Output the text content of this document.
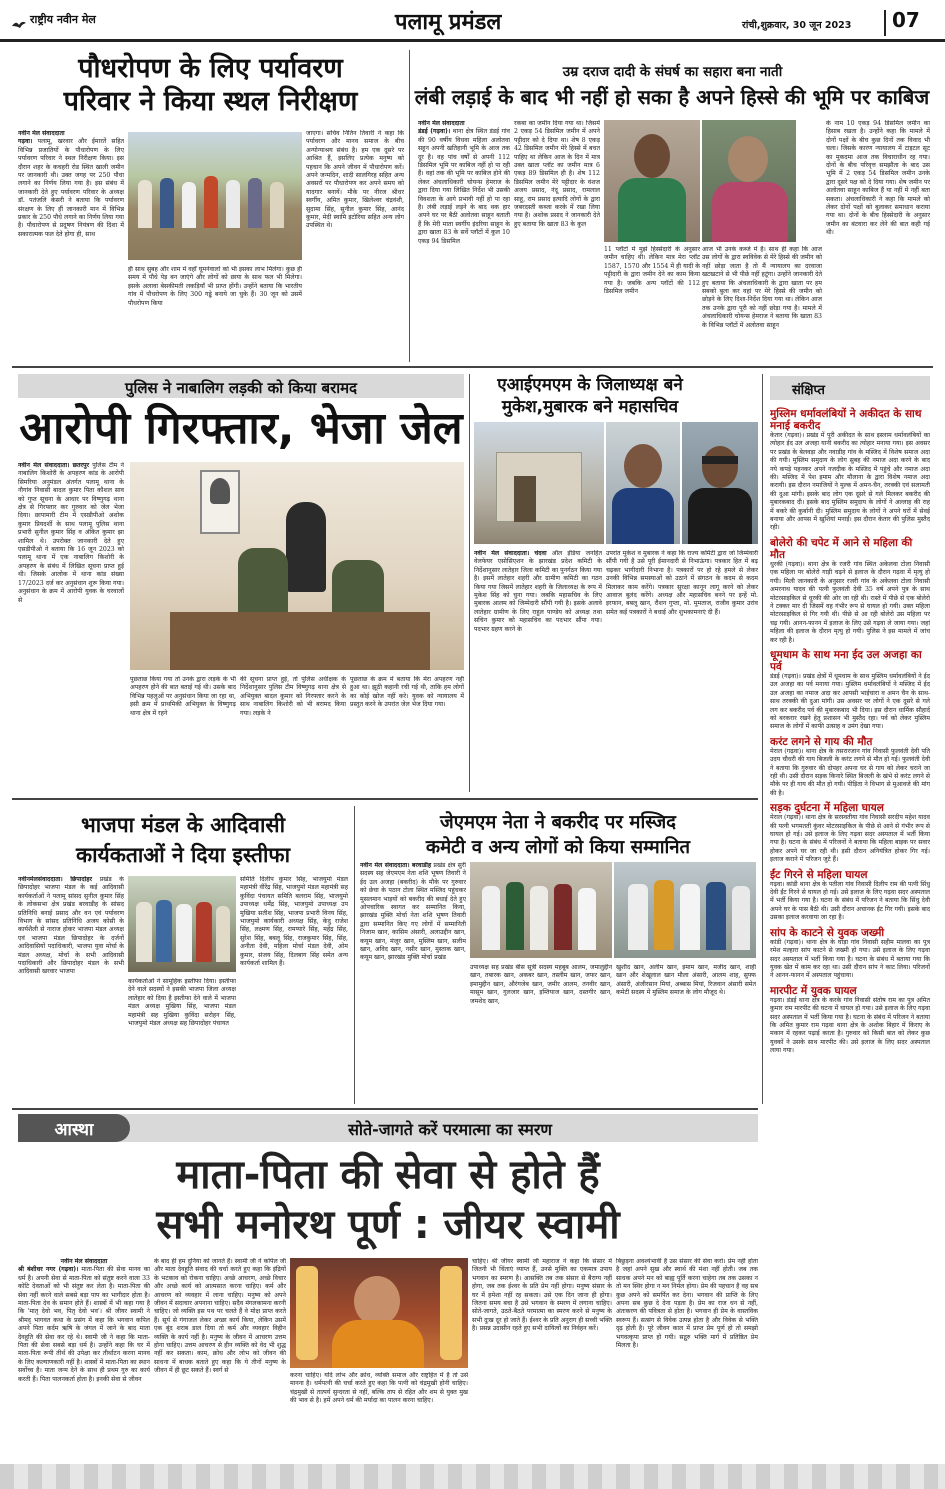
राष्ट्रीय नवीन मेल	पलामू प्रमंडल	रांची,शुक्रवार, 30 जून 2023 07
पौधरोपण के लिए पर्यावरण
परिवार ने किया स्थल निरीक्षण
नवीन मेल संवाददाता
गढ़वा। पलामू, खरवार और ईमारतें सहित विभिन्न प्रजातियों के पौधारोपण के लिए पर्यावरण परिवार ने स्थल निरीक्षण किया। इस दौरान शहर के कचहरी रोड स्थित खाली जमीन पर जानकारी थी। उक्त जगह पर 250 पौधा लगाने का निर्णय लिया गया है। इस संबंध में जानकारी देते हुए पर्यावरण परिवार के अध्यक्ष डॉ. पतंजलि केसरी ने बताया कि पर्यावरण संरक्षण के लिए हीं जानकारी मान में विभिन्न प्रकार के 250 पौधे लगाने का निर्णय लिया गया है। पौधारोपण से प्रदूषण नियंत्रण की दिशा में सकारात्मक फल देते होगा ही, साथ
ही साथ सुबह और शाम में वहाँ घूमनेवालों को भी इसका लाभ मिलेगा। कुछ ही समय में पौधे पेड़ बन जाएंगे और लोगों को छाया के साथ फल भी मिलेगा। इसके अलावा बेसकीमती लकड़ियाँ भी प्राप्त होंगी। उन्होंने बताया कि भारतीय गांव में पौधरोपण के लिए 300 गड्ढे बनाये जा चुके हैं। 30 जून को उसमें पौधरोपण किया
जाएगा। सचिव नितिन तिवारी ने कहा कि पर्यावरण और मानव समाज के बीच अन्योन्याश्रय संबंध है। हम एक दूसरे पर आश्रित हैं, इसलिए प्रत्येक मनुष्य को पहचान कि अपने जीवन में पौधारोपण करें। अपने जन्मदिन, शादी सालगिरह सहित अन्य अवसरों पर पौधारोपण कर अपने समय को यादगार बनायें। मौके पर नीरज श्रीधर स्वर्गीय, अमित कुमार, खिलेश्वर चंद्रवंशी, सुदामा सिंह, सुनील कुमार सिंह, आनंद कुमार, मेदी स्वामि इटोरिया सहित अन्य लोग उपस्थित थे।
उम्र दराज दादी के संघर्ष का सहारा बना नाती
लंबी लड़ाई के बाद भी नहीं हो सका है अपने हिस्से की भूमि पर काबिज
नवीन मेल संवाददाता
डंडई (गढ़वा)। थाना क्षेत्र स्थित डंडई गांव की 90 वर्षीय विधवा महिला अलोतवा सहून अपनी खतिहानी भूमि के आज तक दूर है। वह पांच वर्षों से अपनी 112 डिसमिल भूमि पर काबिज नहीं हो पा रही हैं। वहां तक की भूमि पर काबिज होने की लेकर अंचलाधिकारी चोयन्स हेमराज के द्वारा दिया गया लिखित निर्देश भी उसकी विवशता के आगे प्रभावी नहीं हो पा रहा है। लंबी लड़ाई लड़ने के बाद थक हार अपने घर पर बैठी अलोतवा साहून बताती हैं कि मेरी माता स्वर्गीय इंदरिया साहून के द्वारा खाता 83 के सर्वे प्लॉटों में कुल 10 एकड़ 94 डिसमिल
रकबा का जमीन दिया गया था। जिसमें 2 एकड़ 54 डिसमिल जमीन में अपने पट्टीदार को दे दिया था। शेष 8 एकड़ 42 डिसमिल जमीन मेरे हिस्से में बचत पाहिए था लेकिन आज के दिन में मात्र उक्त खाता प्लॉट का जमीन मात्र 6 एकड़ 89 डिसमिल ही है। शेष 112 डिसमिल जमीन मेरे पट्टीदार के वंशज अजय प्रसाद, नंदू प्रसाद, रामलाल साहू, राम प्रसाद इत्यादि लोगों के द्वारा जबरदस्ती कब्जा करके में रखा लिया गया है। अशोक प्रसाद ने जानकारी देते हुए बताया कि खाता 83 के कुल
11 प्लॉटों में मुझे हिस्सेदारी के अनुसार जमीन चाहिए थी। लेकिन मात्र मेरा प्लॉट 1587, 1570 और 1554 में ही यादी के पट्टीदारी के द्वारा जमीन देने का काम किया गया है। जबकि अन्य प्लॉटों की 112 डिसमिल जमीन
आज भी उनके कब्जे में है। साथ ही कहा कि आज उस लोगों के द्वारा स्वविवेक से मेरे हिस्से की जमीन को नहीं छोड़ा जाता है तो मैं न्यायालय का दरवाजा खटखटाने से भी पीछे नहीं हटूंगा। उन्होंने जानकारी देते हुए बताया कि अंचलाधिकारी के द्वारा खाता पर हम सबको बुला कर वहां पर मेरे हिस्से की जमीन को छोड़ने के लिए दिशा-निर्देश दिया गया था। लेकिन आज तक उनके द्वारा पूरी को नहीं छोड़ा गया है। मामले में अंचलाधिकारी चोयन्स हेमराज ने बताया कि खाता 83 के विभिन्न प्लॉटों में अलोतवा साहून
के नाम 10 एकड़ 94 डिसमिल जमीन का हिसाब रखता है। उन्होंने कहा कि मामले में दोनों पक्षों के बीच कुछ दिनों तक विवाद भी चला। जिसके कारण न्यायालय में टाइटल सूट का मुकदमा आज तक विचाराधीन रह गया। दोनों के बीच परिवृत्त समझौता के बाद उस भूमि में 2 एकड़ 54 डिसमिल जमीन उनके द्वारा दूसरे पक्ष को दे दिया गया। शेष जमीन पर अलोतवा साहून काबिज हैं या नहीं में नहीं बता सकता। अंचलाधिकारी ने कहा कि मामले को लेकर दोनों पक्षों को बुलाकर समाधान कराया गया था। दोनों के बीच हिस्सेदारी के अनुसार जमीन का बंटवारा कर लेने की बात कही गई थी।
पुलिस ने नाबालिग लड़की को किया बरामद
आरोपी गिरफ्तार, भेजा जेल
नवीन मेल संवाददाता। छतरपुर पुलिस टीम ने नाबालिग किशोरी के अपहरण कांड के आरोपी सिमरिया अनुमंडल अंतर्गत पलामू थाना के नौगांव निवासी बादल कुमार पिता कौशल साव को गुप्त सूचना के आधार पर विष्णुगढ़ थाना क्षेत्र से गिरफ्तार कर गुरुवार को जेल भेजा दिया। छापामारी टीम में एसडीपीओ अशोक कुमार प्रियदर्शी के साथ पलामू पुलिस थाना प्रभारी सुनील कुमार सिंह व अंकित कुमार झा शामिल थे। उपरोक्त जानकारी देते हुए एसडीपीओ ने बताया कि 16 जून 2023 को पलामू थाना में एक नाबालिग किशोरी के अपहरण के संबंध में लिखित सूचना प्राप्त हुई थी। जिसके आलोक में थाना कांड संख्या 17/2023 दर्ज कर अनुसंधान शुरू किया गया। अनुसंधान के क्रम में आरोपी युवक के घरवालों से
पूछताछ किया गया तो उनके द्वारा लड़के के भी अपहरण होने की बात बताई गई थी। उसके बाद विभिन्न पहलुओं पर अनुसंधान किया जा रहा था, इसी क्रम में प्राथमिकी अभियुक्त के विष्णुगढ़ थाना क्षेत्र में रहने
की सूचना प्राप्त हुई, तो पुलिस अधीक्षक के निर्देशानुसार पुलिस टीम विष्णुगढ़ थाना क्षेत्र से अभियुक्त बादल कुमार को गिरफ्तार करने के साथ नाबालिग किशोरी को भी बरामद किया गया। लड़के ने
पूछताछ के क्रम में बताया कि मेरा अपहरण नहीं हुआ था। झूठी कहानी रची गई थी, ताकि हम लोगों का कोई खोज नहीं करे। युवक को न्यायालय में प्रस्तुत करने के उपरांत जेल भेज दिया गया।
एआईएमएम के जिलाध्यक्ष बने
मुकेश,मुबारक बने महासचिव
नवीन मेल संवाददाता। चंदवा ऑल इंडिया जनहित वेलफेयर एसोसिएशन के झारखंड प्रदेश कमिटी के निर्देशानुसार लातेहार जिला कमिटी का पुनर्गठन किया गया है। इसमें लातेहार शहरी और ग्रामीण कमिटी का गठन किया गया जिसमें लातेहार शहरी के जिलाध्यक्ष के रूप में मुकेश सिंह को चुना गया। जबकि महासचिव के लिए मुबारक आलम को जिम्मेदारी सौंपी गयी है। इसके अलावे लातेहार ग्रामीण के लिए राहुल पाण्डेय को अध्यक्ष तथा सचिन कुमार को महासचिव का पदभार सौंपा गया। पदभार ग्रहण करने के
उपरांत मुकेश व मुबारक ने कहा कि राज्य कमिटी द्वारा जो जिम्मेवारी सौंपी गयी है उसे पूरी ईमानदारी से निभाऊंगा। पत्रकार हित में बढ़ चढ़कर भागीदारी निभाना है। पत्रकारों पर हो रहे हमले से लेकर उनकी विभिन्न समस्याओं को उठाने में संगठन के कदम से कदम मिलाकर काम करेंगे। पत्रकार सुरक्षा कानून लागू करने को लेकर आवाज बुलंद करेंगे। अध्यक्ष और महासचिव बनने पर इन्हें मो. इरफान, बबलू खान, रौशन गुप्ता, मो. मुमताज, राजीव कुमार उरांव समेत कई पत्रकारों ने बधाई और शुभकामनाएं दी हैं।
संक्षिप्त
मुस्लिम धर्मावलंबियों ने अकीदत के साथ मनाई बकरीद
केतार (गढ़वा)। प्रखंड में पूरी अकीदत के साथ इस्लाम धर्मावलंबियों का त्योहार ईद उल अजहा यानी बकरीद का त्योहार मनाया गया। इस अवसर पर प्रखंड के बेलवड़ा और नवाडीह गांव के मस्जिद में विशेष समाज अदा की गयी। मुस्लिम समुदाय के लोग सुबह की नमाज अदा करने के बाद नये कपड़े पहनकर अपने नजदीक के मस्जिद में पहुंचे और नमाज अदा की। मस्जिद में पेश इमाम और मौलाना के द्वारा विशेष नमाज अदा करायी। इस दौरान नमाजियों ने मुल्क में अमन-चैन, तरक्की एवं सलामती की दुआ मांगी। इसके बाद लोग एक दूसरे से गले मिलकर बकरीद की मुबारकबाद दी। इसके बाद मुस्लिम समुदाय के लोगों ने अल्लाह की राह में बकरे की कुर्बानी दी। मुस्लिम समुदाय के लोगों ने अपने घरों में सेवई बनाया और आपस में खुशियां मनाईं। इस दौरान केतार की पुलिस मुस्तैद रही।
बोलेरो की चपेट में आने से महिला की मौत
धुरकी (गढ़वा)। थाना क्षेत्र के रजरी गांव स्थित अकेलवा टोला निवासी एक महिला पर बोलेरो गाड़ी चढ़ने से इलाज के दौरान गढ़वा में मृत्यु हो गयी। मिली जानकारी के अनुसार रजरी गांव के अकेलवा टोला निवासी अमरनाथ यादव की पत्नी फुलवंती देवी 35 वर्ष अपने पुत्र के साथ मोटरसाइकिल से धुरकी की ओर जा रही थी। रास्ते में पीछे से एक बोलेरो ने टक्कर मार दी जिसमें वह गंभीर रूप से घायल हो गयी। उक्त महिला मोटरसाइकिल से गिर गयी थी। पीछे से आ रही बोलेरो उस महिला पर चढ़ गयी। आनन-फानन में इलाज के लिए उसे गढ़वा ले जाया गया। जहां महिला की इलाज के दौरान मृत्यु हो गयी। पुलिस ने इस मामले में जांच कर रही है।
धूमधाम के साथ मना ईद उल अजहा का पर्व
डंडई (गढ़वा)। प्रखंड क्षेत्रों में धूमधाम के साथ मुस्लिम धर्मावलंबियों ने ईद उल अजहा का पर्व मनाया गया। मुस्लिम धर्मावलंबियों ने मस्जिद में ईद उल अजहा का नमाज अदा कर आपसी भाईचारा व अमन चैन के साथ-साथ तरक्की की दुआ मांगी। उस अवसर पर लोगों ने एक दूसरे से गले लग कर बकरीद पर्व की मुबारकबाद भी दिया। इस दौरान धार्मिक सौहार्द को बरकरार रखने हेतु प्रशासन भी मुस्तैद रहा। पर्व को लेकर मुस्लिम समाज के लोगों में काफी उत्साह व उमंग देखा गया।
करंट लगने से गाय की मौत
मेराल (गढ़वा)। थाना क्षेत्र के तसरारजान गांव निवासी फुलवंती देवी पति उदय चौधरी की गाय बिजली के करंट लगने से मौत हो गई। फुलवंती देवी ने बताया कि गुरुवार की दोपहर अपना घर से गाय को लेकर चराने जा रही थी। उसी दौरान सड़क किनारे स्थित बिजली के खंभे से करंट लगने से मौके पर ही गाय की मौत हो गयी। पीड़िता ने विभाग से मुआवजे की मांग की है।
सड़क दुर्घटना में महिला घायल
मेराल (गढ़वा)। थाना क्षेत्र के सरस्वतीया गांव निवासी सरदीप महेश यादव की पत्नी भगमतती कुंवर मोटरसाइकिल के पीछे से आने से गंभीर रूप से घायल हो गई। उसे इलाज के लिए गढ़वा सदर अस्पताल में भर्ती किया गया है। घटना के संबंध में परिजनों ने बताया कि महिला बाइक पर सवार होकर अपने घर जा रही थी। इसी दौरान अनियंत्रित होकर गिर गई। इलाज कराने में परिजन जुटे हैं।
ईंट गिरने से महिला घायल
गढ़वा। कांडी थाना क्षेत्र के पतीला गांव निवासी दिलीप राम की पत्नी सिंधु देवी ईंट गिरने से घायल हो गई। उसे इलाज के लिए गढ़वा सदर अस्पताल में भर्ती किया गया है। घटना के संबंध में परिजन ने बताया कि सिंधु देवी अपने घर के पास बैठी थी। उसी दौरान अचानक ईंट गिर गयी। इसके बाद उसका इलाज करवाया जा रहा है।
सांप के काटने से युवक जख्मी
कांडी (गढ़वा)। थाना क्षेत्र के घोड़ा गांव निवासी सहीम मालवा का पुत्र रमेश मल्हारा सांप काटने से जख्मी हो गया। उसे इलाज के लिए गढ़वा सदर अस्पताल में भर्ती किया गया है। घटना के संबंध में बताया गया कि युवक खेत में काम कर रहा था। उसी दौरान सांप ने काट लिया। परिजनों ने आनन-फानन में अस्पताल पहुंचाया।
मारपीट में युवक घायल
गढ़वा। डंडई थाना क्षेत्र के करके गांव निवासी संतोष राम का पुत्र अमित कुमार राम मारपीट की घटना में घायल हो गया। उसे इलाज के लिए गढ़वा सदर अस्पताल में भर्ती किया गया है। घटना के संबंध में परिजन ने बताया कि अमित कुमार राम गढ़वा थाना क्षेत्र के अशोक बिहार में किराए के मकान में रहकर पढ़ाई करता है। गुरुवार को किसी बात को लेकर कुछ युवकों ने उसके साथ मारपीट की। उसे इलाज के लिए सदर अस्पताल लाया गया।
भाजपा मंडल के आदिवासी
कार्यकताओं ने दिया इस्तीफा
नवीनमेलसंवाददाता। छिपादोहर प्रखंड के छिपादोहर भाजपा मंडल के कई आदिवासी कार्यकर्ताओं ने पलामू सांसद सुनील कुमार सिंह के लोकसभा क्षेत्र प्रखंड बरवाडीह के सांसद प्रतिनिधि बनाई प्रसाद और वन एवं पर्यावरण विभाग के सांसद प्रतिनिधि अजय कोसी के कार्यशैली से नाराज होकर भाजपा मंडल अध्यक्ष एवं भाजपा मंडल छिपादोहर के दर्जनों आदिवासियों पदाधिकारी, भाजपा युवा मोर्चा के मंडल अध्यक्ष, मोर्चा के सभी आदिवासी पदाधिकारी और छिपादोहर मंडल के सभी आदिवासी खरवार भाजपा
कार्यकर्ताओं ने सामूहिक इस्तीफा दिया। इस्तीफा देने वाले सदस्यों ने इसकी भाजपा जिला अध्यक्ष लातेहार को दिया है इस्तीफा देने वाले में भाजपा मंडल अध्यक्ष मुखिया सिंह, भाजपा मंडल महामंत्री सह मुखिया कुविंदा सरोहन सिंह, भाजयुमो मंडल अध्यक्ष सह छिपादोहर पंचायत
समिति दिलीप कुमार सिंह, भाजयुमो मंडल महामंत्री वीरेंद्र सिंह, भाजयुमो मंडल महामंत्री सह कुविंदा पंचायत समिति बलराम सिंह, भाजयुमो उपाध्यक्ष धर्मेंद्र सिंह, भाजयुमो उपाध्यक्ष उप मुखिया सतीश सिंह, भाजपा प्रभारी विनय सिंह, भाजयुमो कार्यकारी अध्यक्ष सिंह, केदु राजेश सिंह, लक्ष्मण सिंह, रामप्यारे सिंह, महेंद्र सिंह, सुरेश सिंह, बबलू सिंह, राजकुमार सिंह, सिंह, अनीता देवी, महिला मोर्चा मंडल देवी, ओम कुमार, संजय सिंह, दिलबाग सिंह समेत अन्य कार्यकर्ता शामिल हैं।
जेएमएम नेता ने बकरीद पर मस्जिद
कमेटी व अन्य लोगों को किया सम्मानित
नवीन मेल संवाददाता। बरवाडीह प्रखंड क्षेत्र सुरी सदस्य सह जेएमएम नेता शशि भूषण तिवारी ने ईद उल अजहा (बकरीद) के मौके पर गुरुवार को छेचा के पठान टोला स्थित मस्जिद पहुंचकर मुसलमान भाइयों को बकरीद की बधाई देते हुए ओपचारिक स्वागत कर सम्मानित किया, झारखंड मुक्ति मोर्चा नेता शशि भूषण तिवारी द्वारा सम्मानित किए गए लोगों में सम्मानिती निजाम खान, कासिम अंसारी, अलाउद्दीन खान, कयूम खान, मंजूर खान, मुस्लिम खान, सलीम खान, अविद खान, नसीर खान, मुस्ताक खान, कयूम खान, झारखंड मुक्ति मोर्चा प्रखंड
उपाध्यक्ष सह प्रखंड बीस सूत्री सदस्य महबूब आलम, जमालुद्दीन खान, तबारक खान, अकबर खान, तस्लीम खान, जफर खान, इमामुद्दीन खान, औरंगजेब खान, जमीर आलम, तनवीर खान, मासूम खान, गुलजार खान, इम्तियाज खान, दस्तगीर खान, जमशेद खान,
खुर्शीद खान, अलीम खान, इमाम खान, मजीद खान, शाही खान और शेखूलाल खान मौला अंसारी, आलम शाह, सुफ्फ अंसारी, अंजीरसान मियां, अब्बास मियां, रिजवान अंसारी समेत कमेटी सदस्य में मुस्लिम समाज के लोग मौजूद थे।
आस्था	सोते-जागते करें परमात्मा का स्मरण
माता-पिता की सेवा से होते हैं
सभी मनोरथ पूर्ण : जीयर स्वामी
नवीन मेल संवाददाता
श्री बंशीधर नगर (गढ़वा)। माता-पिता की सेवा मानव का धर्म है। अपनी सेवा से माता-पिता को संतुष्ट करने वाला 33 कोटि देवताओं को भी संतुष्ट कर लेता है। माता-पिता की सेवा नहीं करने वाले सबसे बड़ा पाप का भागीदार होता है। माता-पिता देव के समान होते हैं। शास्त्रों में भी कहा गया है कि 'मातृ देवो भव, पितृ देवो भव'। श्री जीयर स्वामी ने श्रीमद् भागवत कथा के प्रसंग में कहा कि भगवान कपिल अपने पिता कर्दम ऋषि के जंगल में जाने के बाद माता देवहूति की सेवा कर रहे थे। स्वामी जी ने कहा कि माता-पिता की सेवा सबसे बड़ा धर्म है। उन्होंने कहा कि घर में माता-पिता रूपी तीर्थ की उपेक्षा कर तीर्थाटन करना मानव के लिए कल्याणकारी नहीं है। शास्त्रों में माता-पिता का स्थान सर्वोच्च है। माता जन्म देने के साथ ही प्रथम गुरु का कार्य करती हैं। पिता पालनकर्ता होता है। इनकी सेवा से जीवन
के बाद ही हम दुनिया को जानते हैं। स्वामी जी ने कपिल जी और माता देवहूति संवाद की चर्चा करते हुए कहा कि इंद्रियों के भटकाव को रोकना चाहिए। अच्छे आचरण, अच्छे विचार और अच्छे कार्य को आत्मसात करना चाहिए। कर्म और आचरण को व्यवहार में लाना चाहिए। मनुष्य को अपने जीवन में सदाचार अपनाना चाहिए। सदैव मंगलकामना करनी चाहिए। जो व्यक्ति इस पथ पर चलते हैं वे मोक्ष प्राप्त करते हैं। सूर्य से गंगाजल लेकर अच्छा कार्य किया, लेकिन उसमें एक बूंद शराब डाल दिया तो कर्म और व्यवहार विहीन व्यक्ति के कार्य नहीं है। मनुष्य के जीवन में आचरण उत्तम होना चाहिए। उत्तम आचरण से हीन व्यक्ति को वेद भी शुद्ध नहीं कर सकता। काम, क्रोध और लोभ को जीवन की साधना में बाधक बताते हुए कहा कि ये तीनों मनुष्य के जीवन में ही छूट सकते हैं। स्वर्ग से
करना चाहिए। यदि लोभ और क्रोध, व्यक्ति समाज और राष्ट्रहित में है तो उसे मानना है। धर्मपत्नी की चर्चा करते हुए कहा कि पत्नी को चंद्रमुखी होनी चाहिए। चंद्रमुखी से तात्पर्य सुन्दरता से नहीं, बल्कि ताप से रहित और शम से युक्त मुख की भाव से है। हमें अपने धर्म की मर्यादा का पालन करना चाहिए।
चाहिए। श्री जीयर स्वामी जी महाराज ने कहा कि संसार में जितनी भी चिंताएं व्याप्त हैं, उनसे मुक्ति का एकमात्र उपाय भगवान का स्मरण है। आसक्ति तब तक संसार से बैराग्य नहीं होगा, जब तक ईश्वर के प्रति प्रेम नहीं होगा। मनुष्य संसार के घर में हमेशा नहीं रह सकता। उसे एक दिन जाना ही होगा। जितना समय बचा है उसे भगवान के स्मरण में लगाना चाहिए। सोते-जागते, उठते-बैठते परमात्मा का स्मरण करने से मनुष्य के सभी दुःख दूर हो जाते हैं। ईश्वर के प्रति अनुराग ही सच्ची भक्ति है। प्रसन्न उदासीन रहते हुए सभी दायित्वों का निर्वहन करें।
बिछुड़ना अवश्यंभावी है उस संसार की सेवा करो। प्रेम नहीं होता है जहां अपने सुख और स्वार्थ की मंशा नहीं होती। जब तक साधक अपने मन को बाह्य पूर्ति करना चाहेगा तब तक उसका न तो मन स्थिर होगा न मन निर्मल होगा। प्रेम की पहचान है वह सब कुछ अपने को समर्पित कर देना। भगवान की प्राप्ति के लिए अपना सब कुछ दे देना पड़ता है। प्रेम का राज धन से नहीं, अंतःकरण की पवित्रता से होता है। भगवान ही प्रेम के वास्तविक स्वरूप हैं। सत्संग से विवेक उत्पन्न होता है और विवेक से भक्ति दृढ़ होती है। पूरे जीवन काल में प्राप्त प्रेम पूर्ण हो तो समझो भगवत्कृपा प्राप्त हो गयी। सद्गुरु भक्ति मार्ग में प्रतिष्ठित प्रेम मिलता है।
